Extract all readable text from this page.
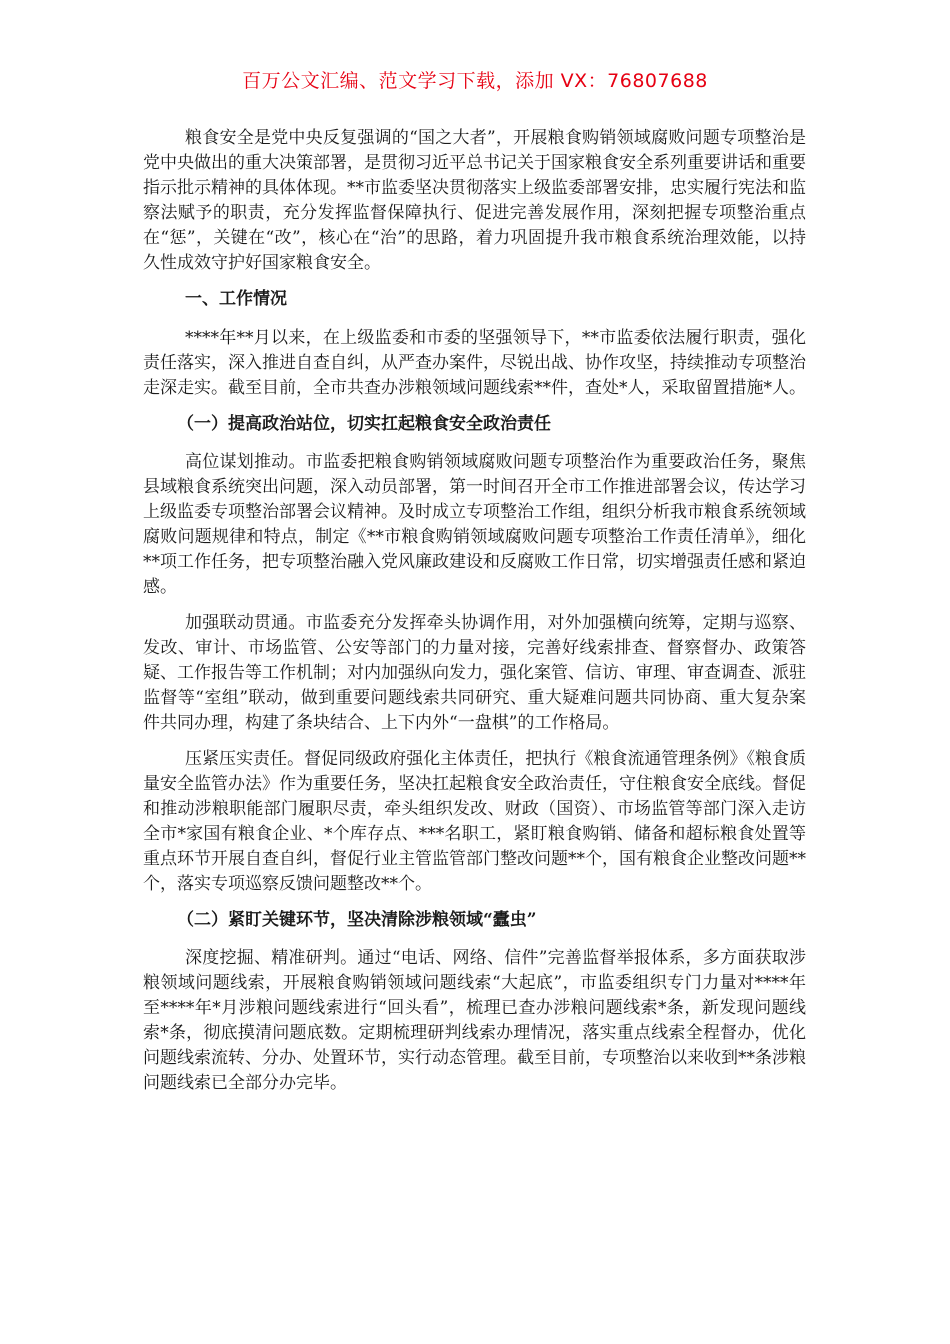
百万公文汇编、范文学习下载，添加 VX：76807688

粮食安全是党中央反复强调的“国之大者”，开展粮食购销领域腐败问题专项整治是党中央做出的重大决策部署，是贯彻习近平总书记关于国家粮食安全系列重要讲话和重要指示批示精神的具体体现。**市监委坚决贯彻落实上级监委部署安排，忠实履行宪法和监察法赋予的职责，充分发挥监督保障执行、促进完善发展作用，深刻把握专项整治重点在“惩”，关键在“改”，核心在“治”的思路，着力巩固提升我市粮食系统治理效能，以持久性成效守护好国家粮食安全。

一、工作情况

****年**月以来，在上级监委和市委的坚强领导下，**市监委依法履行职责，强化责任落实，深入推进自查自纠，从严查办案件，尽锐出战、协作攻坚，持续推动专项整治走深走实。截至目前，全市共查办涉粮领域问题线索**件，查处*人，采取留置措施*人。

（一）提高政治站位，切实扛起粮食安全政治责任

高位谋划推动。市监委把粮食购销领域腐败问题专项整治作为重要政治任务，聚焦县域粮食系统突出问题，深入动员部署，第一时间召开全市工作推进部署会议，传达学习上级监委专项整治部署会议精神。及时成立专项整治工作组，组织分析我市粮食系统领域腐败问题规律和特点，制定《**市粮食购销领域腐败问题专项整治工作责任清单》，细化**项工作任务，把专项整治融入党风廉政建设和反腐败工作日常，切实增强责任感和紧迫感。

加强联动贯通。市监委充分发挥牵头协调作用，对外加强横向统筹，定期与巡察、发改、审计、市场监管、公安等部门的力量对接，完善好线索排查、督察督办、政策答疑、工作报告等工作机制；对内加强纵向发力，强化案管、信访、审理、审查调查、派驻监督等“室组”联动，做到重要问题线索共同研究、重大疑难问题共同协商、重大复杂案件共同办理，构建了条块结合、上下内外“一盘棋”的工作格局。

压紧压实责任。督促同级政府强化主体责任，把执行《粮食流通管理条例》《粮食质量安全监管办法》作为重要任务，坚决扛起粮食安全政治责任，守住粮食安全底线。督促和推动涉粮职能部门履职尽责，牵头组织发改、财政（国资）、市场监管等部门深入走访全市*家国有粮食企业、*个库存点、***名职工，紧盯粮食购销、储备和超标粮食处置等重点环节开展自查自纠，督促行业主管监管部门整改问题**个，国有粮食企业整改问题**个，落实专项巡察反馈问题整改**个。

（二）紧盯关键环节，坚决清除涉粮领域“蠹虫”

深度挖掘、精准研判。通过“电话、网络、信件”完善监督举报体系，多方面获取涉粮领域问题线索，开展粮食购销领域问题线索“大起底”，市监委组织专门力量对****年至****年*月涉粮问题线索进行“回头看”，梳理已查办涉粮问题线索*条，新发现问题线索*条，彻底摸清问题底数。定期梳理研判线索办理情况，落实重点线索全程督办，优化问题线索流转、分办、处置环节，实行动态管理。截至目前，专项整治以来收到**条涉粮问题线索已全部分办完毕。
